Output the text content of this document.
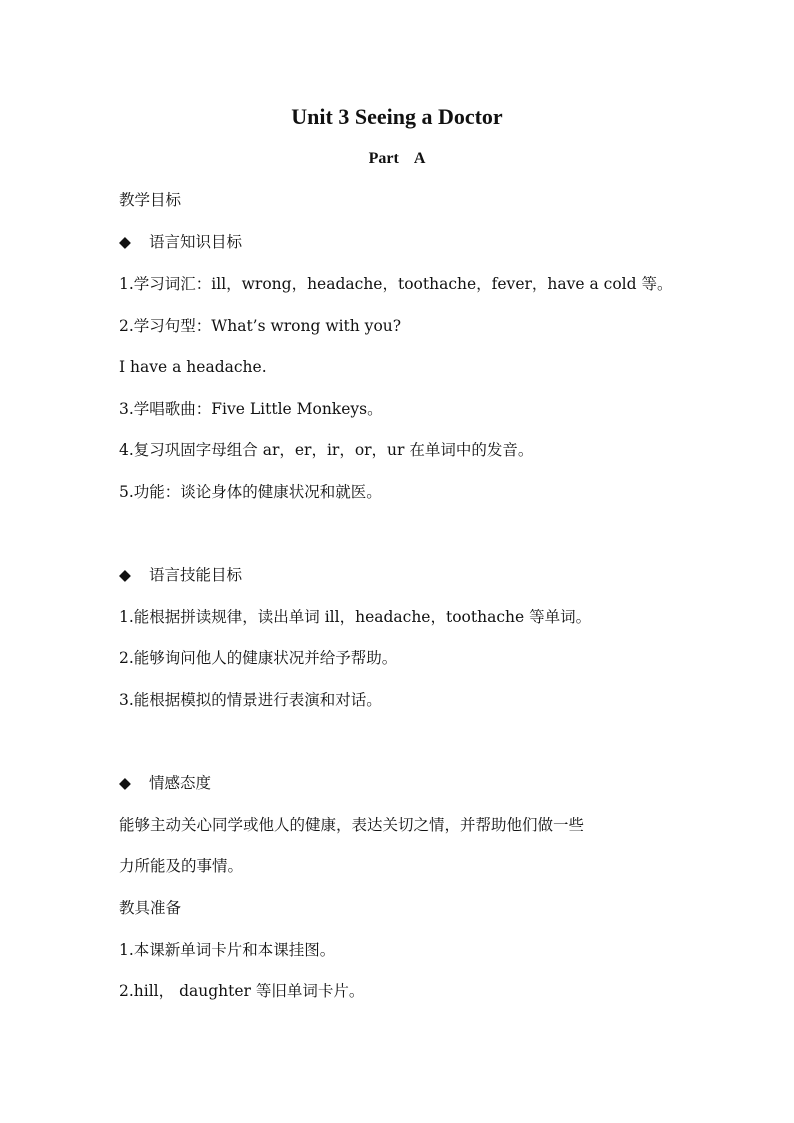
Unit 3 Seeing a Doctor
Part    A
教学目标
◆ 语言知识目标
1.学习词汇：ill，wrong，headache，toothache，fever，have a cold 等。
2.学习句型：What’s wrong with you?
I have a headache.
3.学唱歌曲：Five Little Monkeys。
4.复习巩固字母组合 ar，er，ir，or，ur 在单词中的发音。
5.功能：谈论身体的健康状况和就医。
◆ 语言技能目标
1.能根据拼读规律，读出单词 ill，headache，toothache 等单词。
2.能够询问他人的健康状况并给予帮助。
3.能根据模拟的情景进行表演和对话。
◆ 情感态度
能够主动关心同学或他人的健康，表达关切之情，并帮助他们做一些
力所能及的事情。
教具准备
1.本课新单词卡片和本课挂图。
2.hill， daughter 等旧单词卡片。
